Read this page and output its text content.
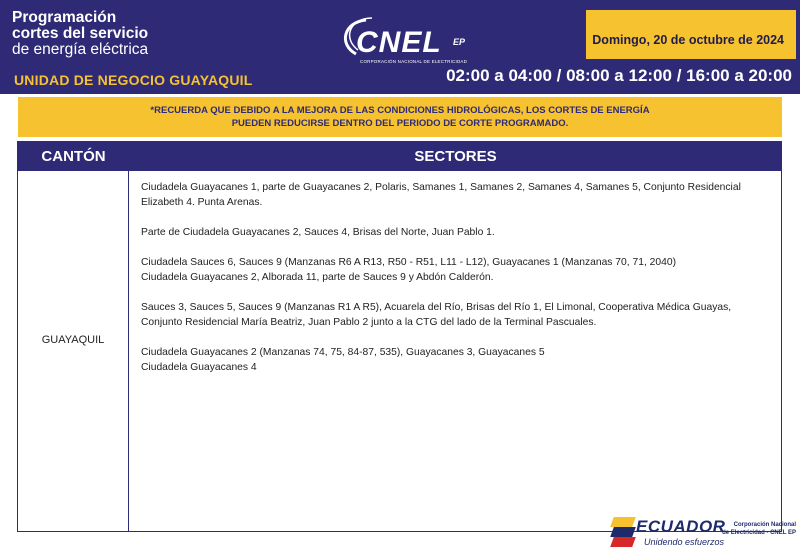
Programación
cortes del servicio
de energía eléctrica
UNIDAD DE NEGOCIO GUAYAQUIL
CNEL EP
CORPORACIÓN NACIONAL DE ELECTRICIDAD
Domingo, 20 de octubre de 2024
02:00 a 04:00 / 08:00 a 12:00 / 16:00 a 20:00
*RECUERDA QUE DEBIDO A LA MEJORA DE LAS CONDICIONES HIDROLÓGICAS, LOS CORTES DE ENERGÍA
PUEDEN REDUCIRSE DENTRO DEL PERIODO DE CORTE PROGRAMADO.
CANTÓN	SECTORES
GUAYAQUIL

Ciudadela Guayacanes 1, parte de Guayacanes 2, Polaris, Samanes 1, Samanes 2, Samanes 4, Samanes 5, Conjunto Residencial Elizabeth 4. Punta Arenas.

Parte de Ciudadela Guayacanes 2, Sauces 4, Brisas del Norte, Juan Pablo 1.

Ciudadela Sauces 6, Sauces 9 (Manzanas R6 A R13, R50 - R51, L11 - L12), Guayacanes 1 (Manzanas 70, 71, 2040)
Ciudadela Guayacanes 2, Alborada 11, parte de Sauces 9 y Abdón Calderón.

Sauces 3, Sauces 5, Sauces 9 (Manzanas R1 A R5), Acuarela del Río, Brisas del Río 1, El Limonal, Cooperativa Médica Guayas, Conjunto Residencial María Beatriz, Juan Pablo 2 junto a la CTG del lado de la Terminal Pascuales.

Ciudadela Guayacanes 2 (Manzanas 74, 75, 84-87, 535), Guayacanes 3, Guayacanes 5
Ciudadela Guayacanes 4

ECUADOR
Unidendo esfuerzos
Corporación Nacional
de Electricidad - CNEL EP
